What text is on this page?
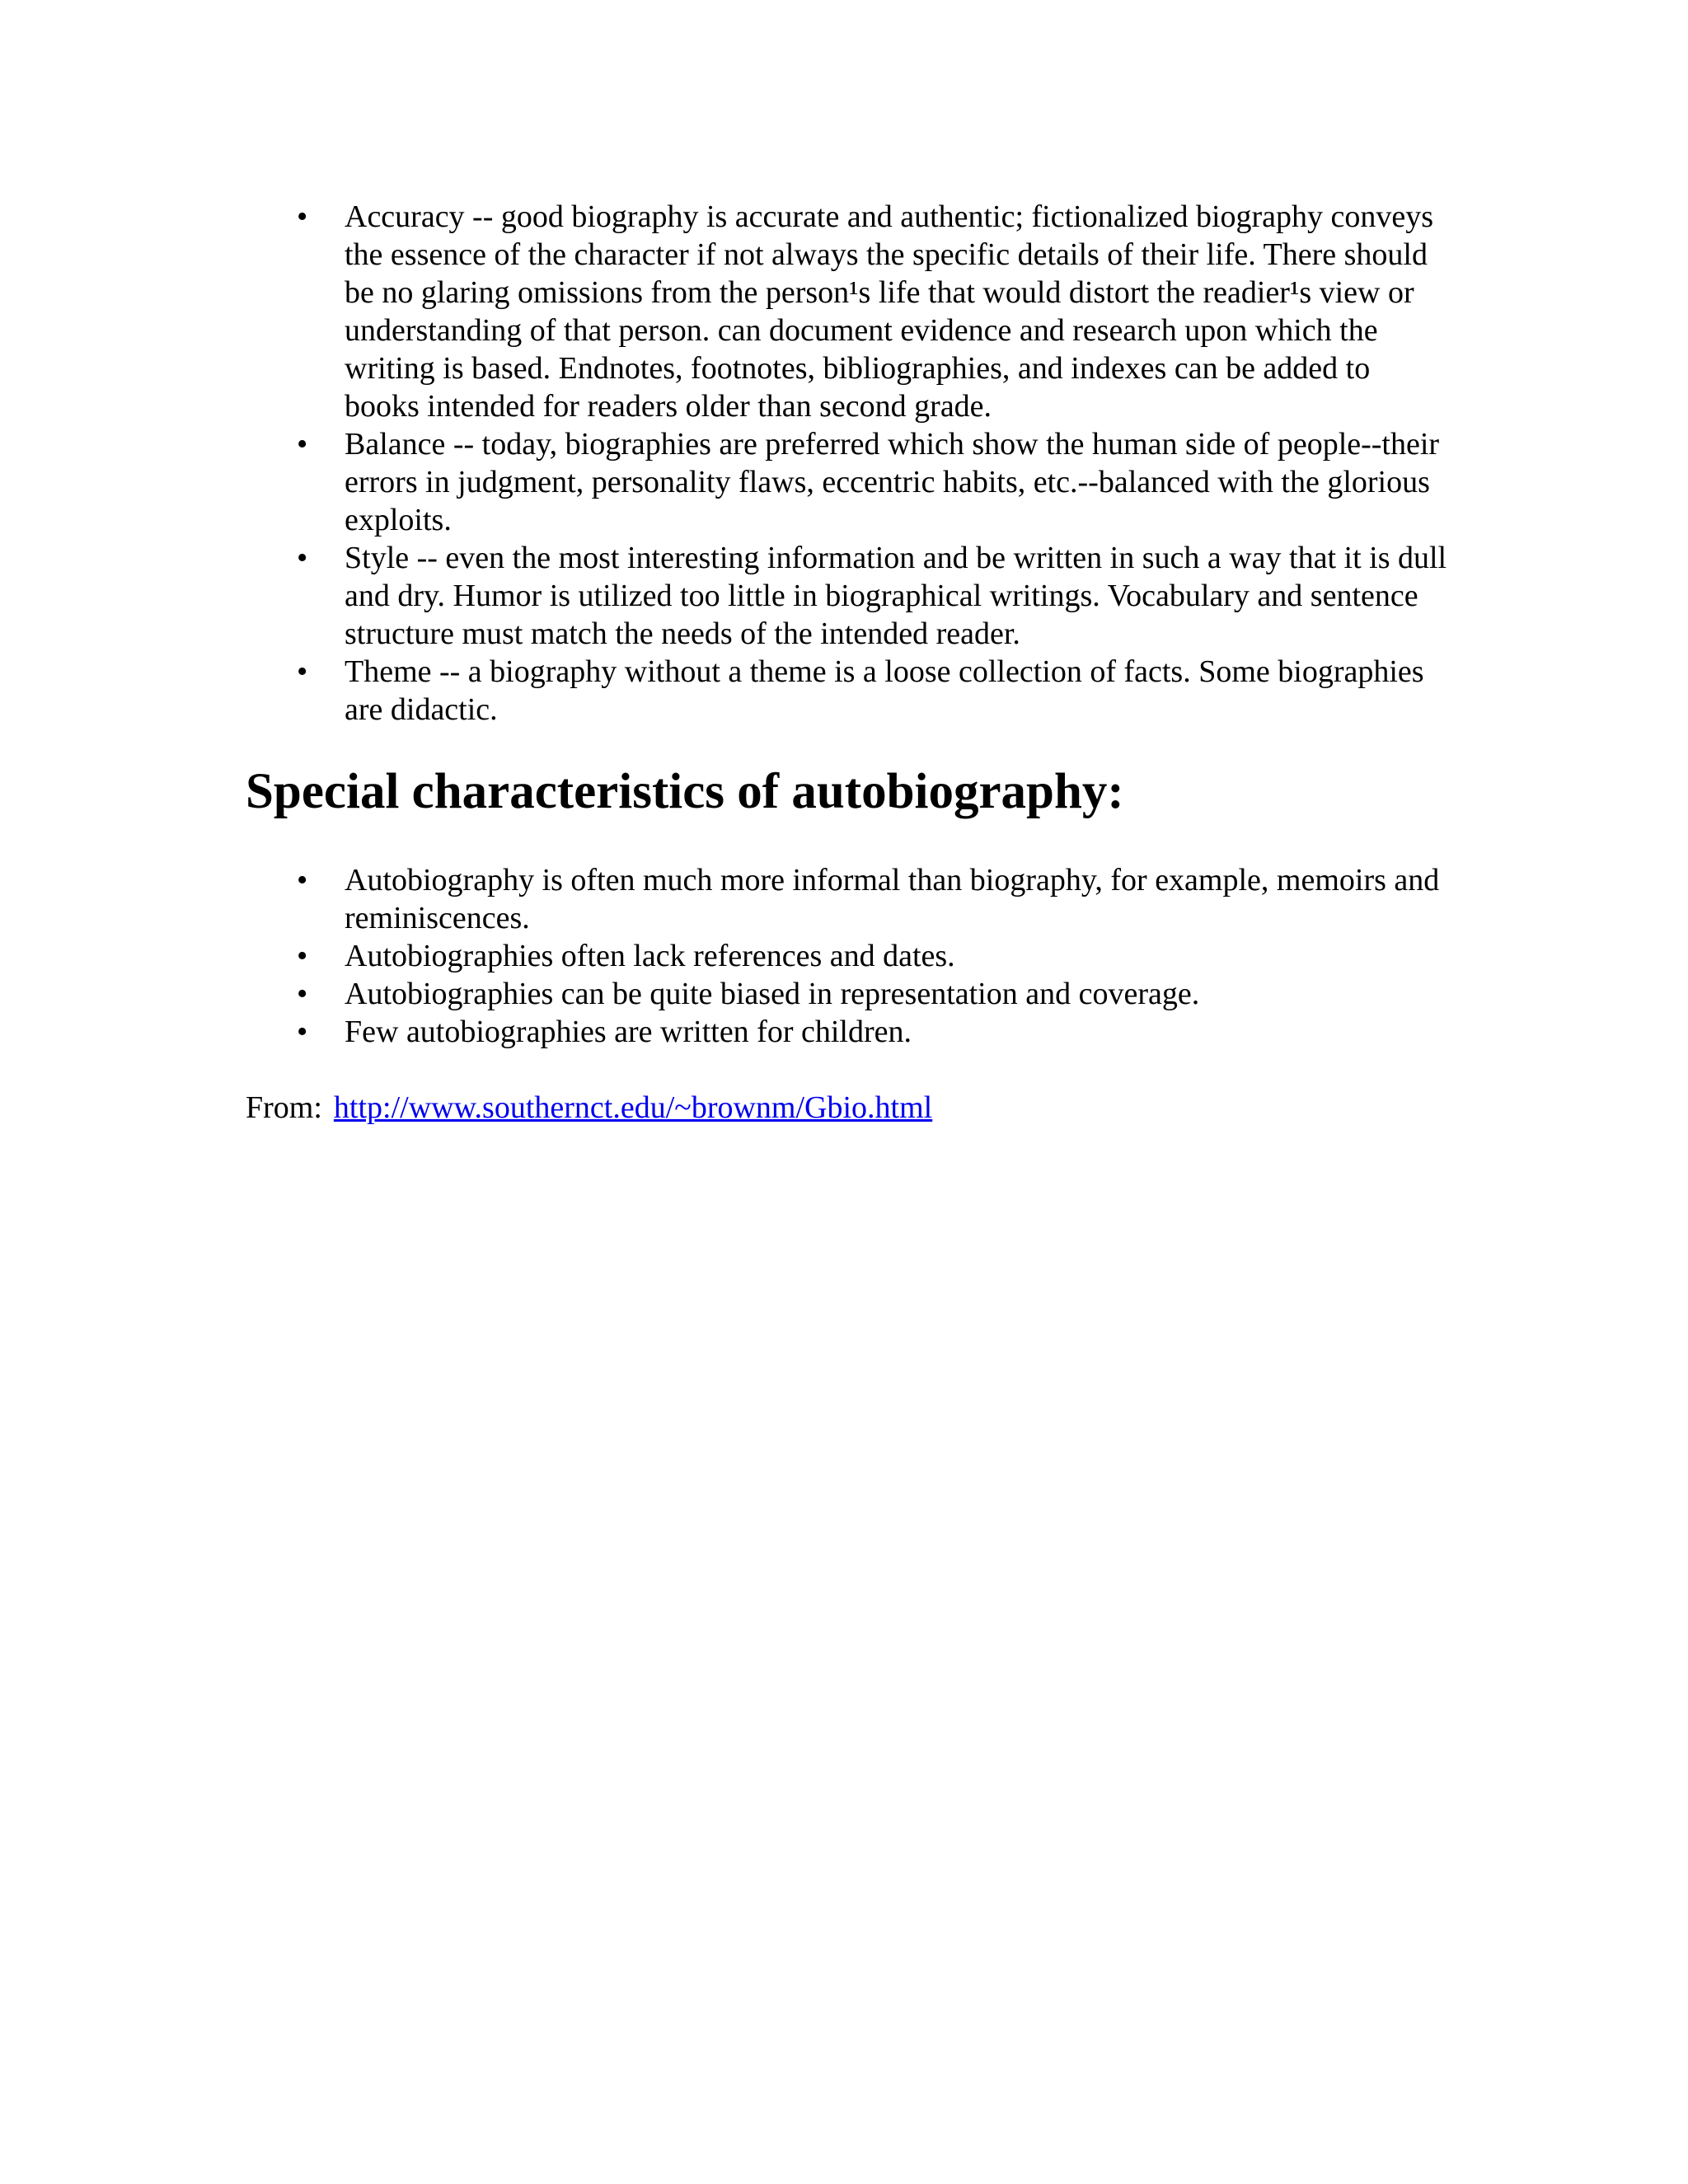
• Accuracy -- good biography is accurate and authentic; fictionalized biography conveys the essence of the character if not always the specific details of their life. There should be no glaring omissions from the person¹s life that would distort the readier¹s view or understanding of that person. can document evidence and research upon which the writing is based. Endnotes, footnotes, bibliographies, and indexes can be added to books intended for readers older than second grade.
• Balance -- today, biographies are preferred which show the human side of people--their errors in judgment, personality flaws, eccentric habits, etc.--balanced with the glorious exploits.
• Style -- even the most interesting information and be written in such a way that it is dull and dry. Humor is utilized too little in biographical writings. Vocabulary and sentence structure must match the needs of the intended reader.
• Theme -- a biography without a theme is a loose collection of facts. Some biographies are didactic.
Special characteristics of autobiography:
• Autobiography is often much more informal than biography, for example, memoirs and reminiscences.
• Autobiographies often lack references and dates.
• Autobiographies can be quite biased in representation and coverage.
• Few autobiographies are written for children.
From: http://www.southernct.edu/~brownm/Gbio.html
